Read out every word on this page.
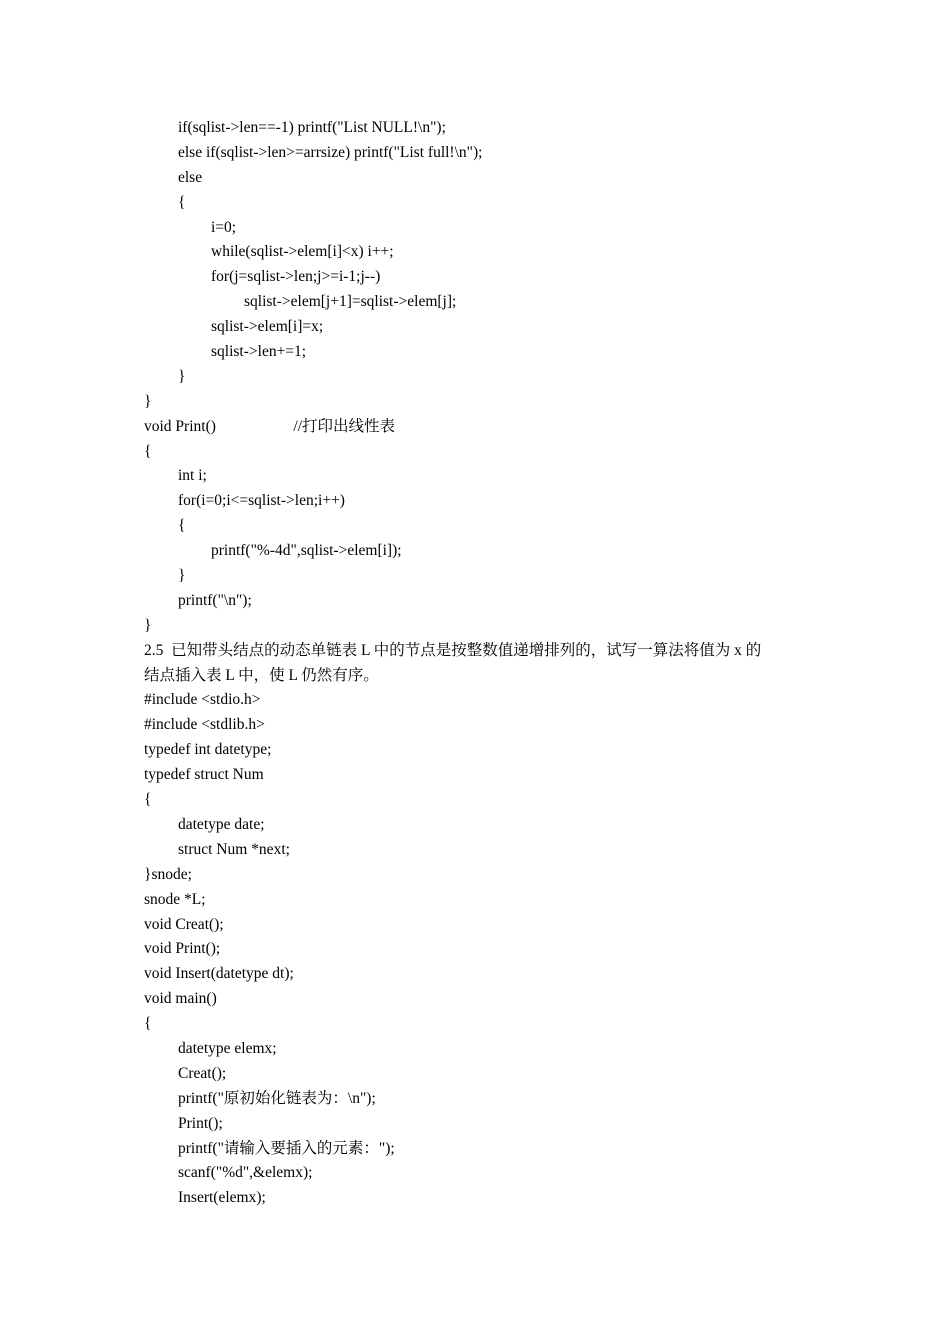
if(sqlist->len==-1) printf("List NULL!\n");
else if(sqlist->len>=arrsize) printf("List full!\n");
else
{
i=0;
while(sqlist->elem[i]<x) i++;
for(j=sqlist->len;j>=i-1;j--)
sqlist->elem[j+1]=sqlist->elem[j];
sqlist->elem[i]=x;
sqlist->len+=1;
}
}
void Print()                    //打印出线性表
{
int i;
for(i=0;i<=sqlist->len;i++)
{
printf("%-4d",sqlist->elem[i]);
}
printf("\n");
}
2.5  已知带头结点的动态单链表 L 中的节点是按整数值递增排列的，试写一算法将值为 x 的
结点插入表 L 中，使 L 仍然有序。
#include <stdio.h>
#include <stdlib.h>
typedef int datetype;
typedef struct Num
{
datetype date;
struct Num *next;
}snode;
snode *L;
void Creat();
void Print();
void Insert(datetype dt);
void main()
{
datetype elemx;
Creat();
printf("原初始化链表为：\n");
Print();
printf("请输入要插入的元素：");
scanf("%d",&elemx);
Insert(elemx);
